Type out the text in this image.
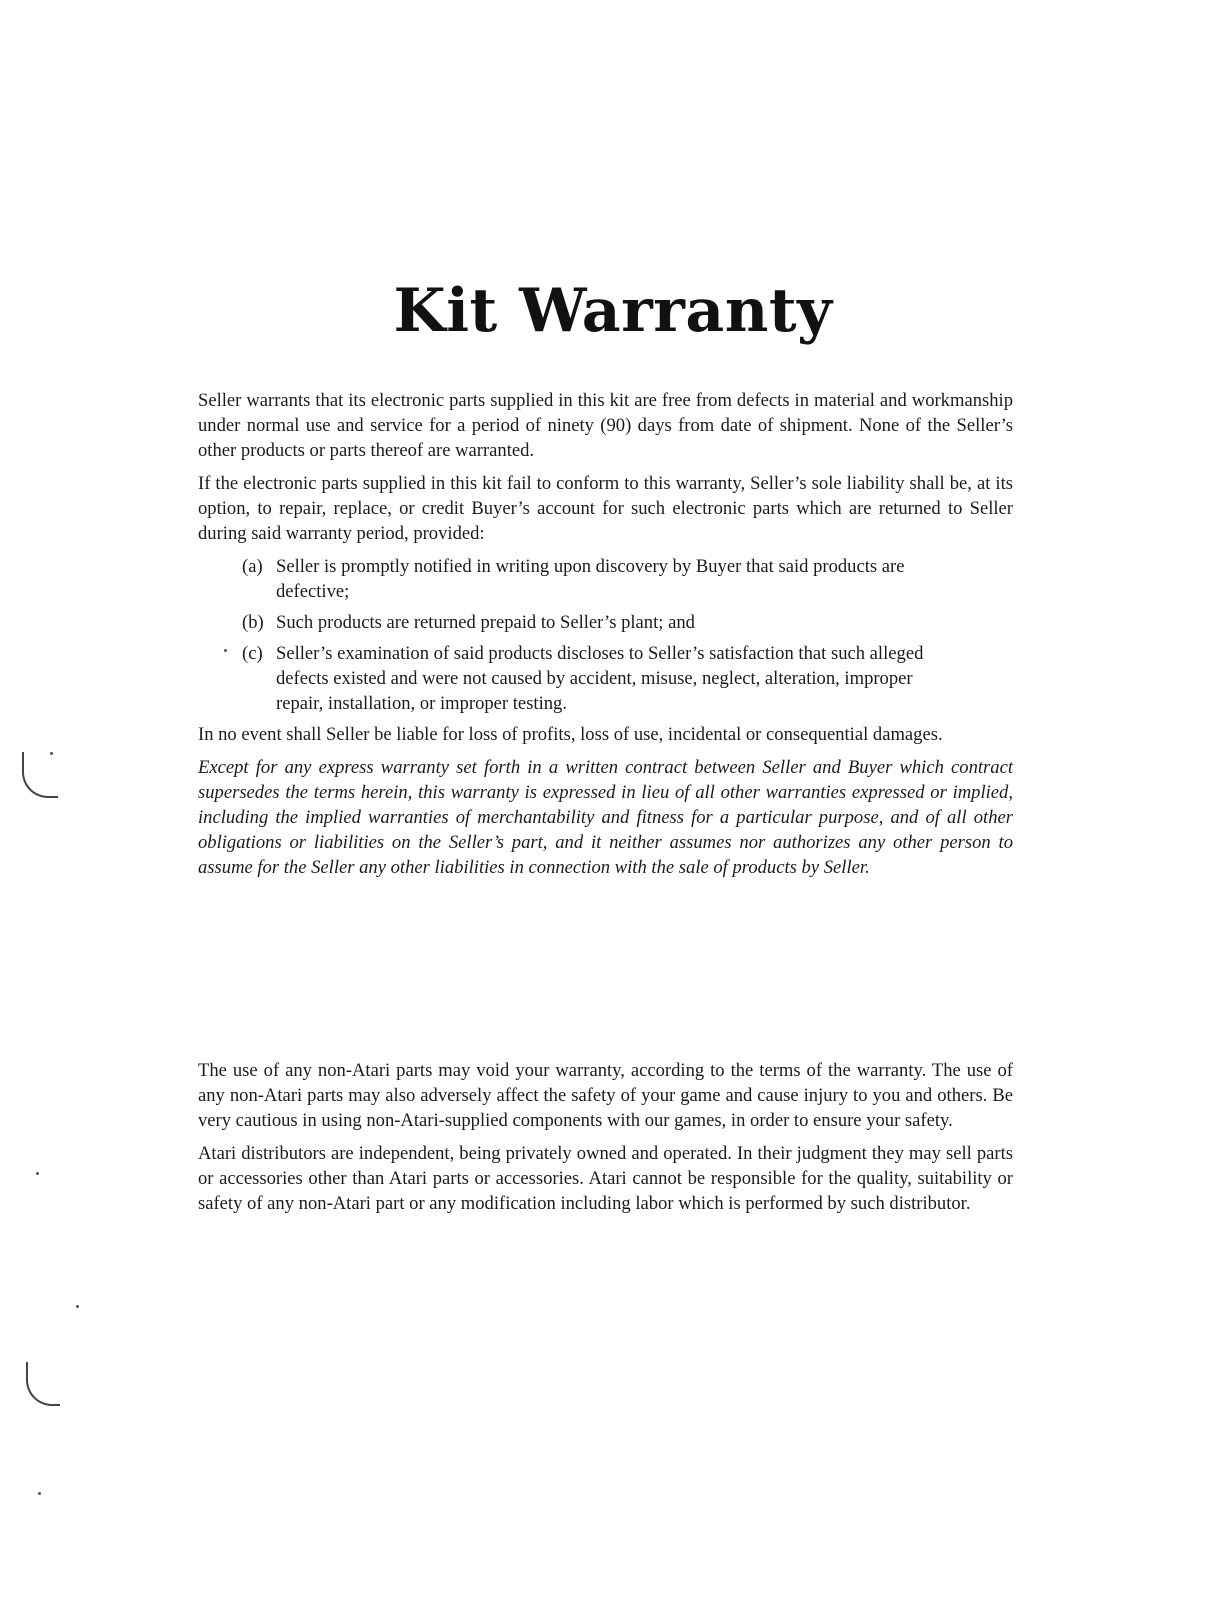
Kit Warranty

Seller warrants that its electronic parts supplied in this kit are free from defects in material and workmanship under normal use and service for a period of ninety (90) days from date of shipment. None of the Seller’s other products or parts thereof are warranted.

If the electronic parts supplied in this kit fail to conform to this warranty, Seller’s sole liability shall be, at its option, to repair, replace, or credit Buyer’s account for such electronic parts which are returned to Seller during said warranty period, provided:

(a) Seller is promptly notified in writing upon discovery by Buyer that said products are defective;
(b) Such products are returned prepaid to Seller’s plant; and
(c) Seller’s examination of said products discloses to Seller’s satisfaction that such alleged defects existed and were not caused by accident, misuse, neglect, alteration, improper repair, installation, or improper testing.

In no event shall Seller be liable for loss of profits, loss of use, incidental or consequential damages.

Except for any express warranty set forth in a written contract between Seller and Buyer which contract supersedes the terms herein, this warranty is expressed in lieu of all other warranties expressed or implied, including the implied warranties of merchantability and fitness for a particular purpose, and of all other obligations or liabilities on the Seller’s part, and it neither assumes nor authorizes any other person to assume for the Seller any other liabilities in connection with the sale of products by Seller.

The use of any non-Atari parts may void your warranty, according to the terms of the warranty. The use of any non-Atari parts may also adversely affect the safety of your game and cause injury to you and others. Be very cautious in using non-Atari-supplied components with our games, in order to ensure your safety.

Atari distributors are independent, being privately owned and operated. In their judgment they may sell parts or accessories other than Atari parts or accessories. Atari cannot be responsible for the quality, suitability or safety of any non-Atari part or any modification including labor which is performed by such distributor.
